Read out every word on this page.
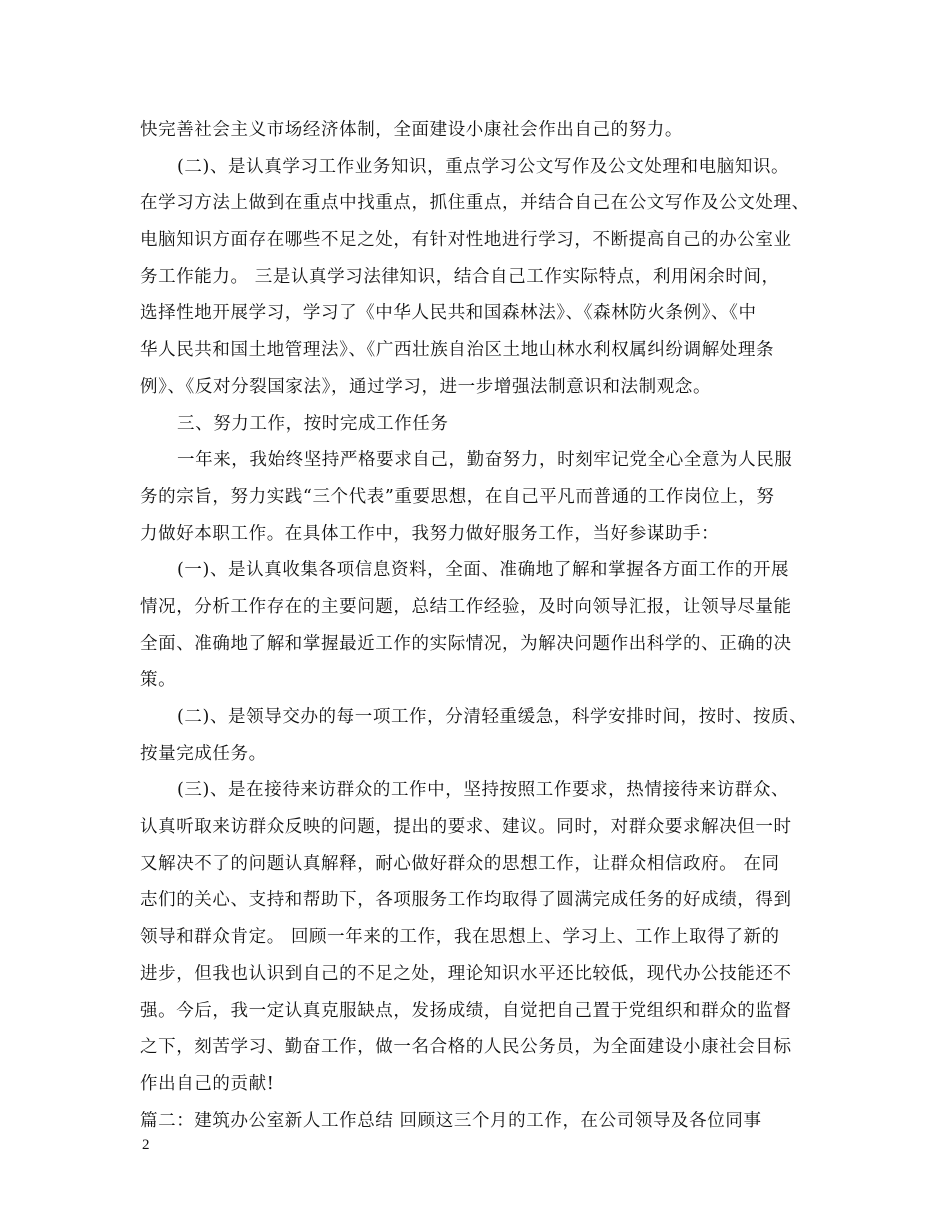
快完善社会主义市场经济体制，全面建设小康社会作出自己的努力。
(二)、是认真学习工作业务知识，重点学习公文写作及公文处理和电脑知识。
在学习方法上做到在重点中找重点，抓住重点，并结合自己在公文写作及公文处理、
电脑知识方面存在哪些不足之处，有针对性地进行学习，不断提高自己的办公室业
务工作能力。 三是认真学习法律知识，结合自己工作实际特点，利用闲余时间，
选择性地开展学习，学习了《中华人民共和国森林法》、《森林防火条例》、《中
华人民共和国土地管理法》、《广西壮族自治区土地山林水利权属纠纷调解处理条
例》、《反对分裂国家法》，通过学习，进一步增强法制意识和法制观念。
三、努力工作，按时完成工作任务
一年来，我始终坚持严格要求自己，勤奋努力，时刻牢记党全心全意为人民服
务的宗旨，努力实践“三个代表”重要思想，在自己平凡而普通的工作岗位上，努
力做好本职工作。在具体工作中，我努力做好服务工作，当好参谋助手：
(一)、是认真收集各项信息资料，全面、准确地了解和掌握各方面工作的开展
情况，分析工作存在的主要问题，总结工作经验，及时向领导汇报，让领导尽量能
全面、准确地了解和掌握最近工作的实际情况，为解决问题作出科学的、正确的决
策。
(二)、是领导交办的每一项工作，分清轻重缓急，科学安排时间，按时、按质、
按量完成任务。
(三)、是在接待来访群众的工作中，坚持按照工作要求，热情接待来访群众、
认真听取来访群众反映的问题，提出的要求、建议。同时，对群众要求解决但一时
又解决不了的问题认真解释，耐心做好群众的思想工作，让群众相信政府。 在同
志们的关心、支持和帮助下，各项服务工作均取得了圆满完成任务的好成绩，得到
领导和群众肯定。 回顾一年来的工作，我在思想上、学习上、工作上取得了新的
进步，但我也认识到自己的不足之处，理论知识水平还比较低，现代办公技能还不
强。今后，我一定认真克服缺点，发扬成绩，自觉把自己置于党组织和群众的监督
之下，刻苦学习、勤奋工作，做一名合格的人民公务员，为全面建设小康社会目标
作出自己的贡献!
篇二：建筑办公室新人工作总结 回顾这三个月的工作，在公司领导及各位同事
2
